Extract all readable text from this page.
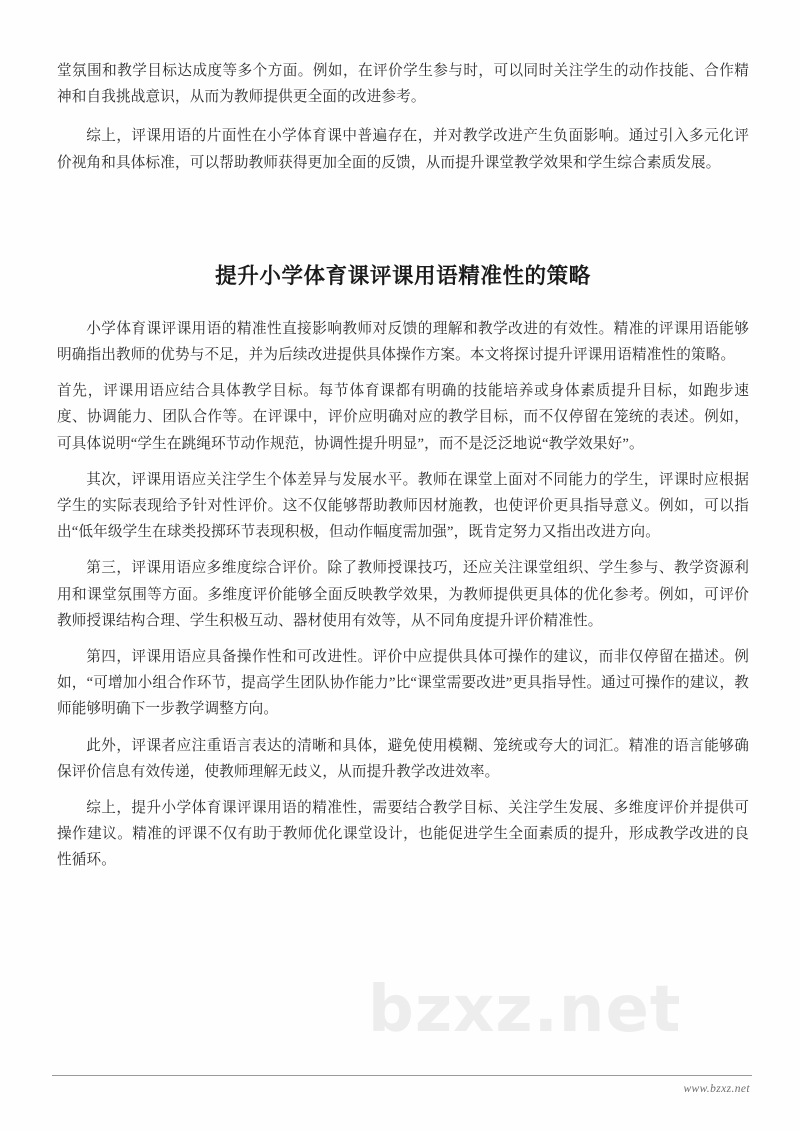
bzxz.net

堂氛围和教学目标达成度等多个方面。例如，在评价学生参与时，可以同时关注学生的动作技能、合作精神和自我挑战意识，从而为教师提供更全面的改进参考。

综上，评课用语的片面性在小学体育课中普遍存在，并对教学改进产生负面影响。通过引入多元化评价视角和具体标准，可以帮助教师获得更加全面的反馈，从而提升课堂教学效果和学生综合素质发展。

提升小学体育课评课用语精准性的策略

小学体育课评课用语的精准性直接影响教师对反馈的理解和教学改进的有效性。精准的评课用语能够明确指出教师的优势与不足，并为后续改进提供具体操作方案。本文将探讨提升评课用语精准性的策略。

首先，评课用语应结合具体教学目标。每节体育课都有明确的技能培养或身体素质提升目标，如跑步速度、协调能力、团队合作等。在评课中，评价应明确对应的教学目标，而不仅停留在笼统的表述。例如，可具体说明“学生在跳绳环节动作规范，协调性提升明显”，而不是泛泛地说“教学效果好”。

其次，评课用语应关注学生个体差异与发展水平。教师在课堂上面对不同能力的学生，评课时应根据学生的实际表现给予针对性评价。这不仅能够帮助教师因材施教，也使评价更具指导意义。例如，可以指出“低年级学生在球类投掷环节表现积极，但动作幅度需加强”，既肯定努力又指出改进方向。

第三，评课用语应多维度综合评价。除了教师授课技巧，还应关注课堂组织、学生参与、教学资源利用和课堂氛围等方面。多维度评价能够全面反映教学效果，为教师提供更具体的优化参考。例如，可评价教师授课结构合理、学生积极互动、器材使用有效等，从不同角度提升评价精准性。

第四，评课用语应具备操作性和可改进性。评价中应提供具体可操作的建议，而非仅停留在描述。例如，“可增加小组合作环节，提高学生团队协作能力”比“课堂需要改进”更具指导性。通过可操作的建议，教师能够明确下一步教学调整方向。

此外，评课者应注重语言表达的清晰和具体，避免使用模糊、笼统或夸大的词汇。精准的语言能够确保评价信息有效传递，使教师理解无歧义，从而提升教学改进效率。

综上，提升小学体育课评课用语的精准性，需要结合教学目标、关注学生发展、多维度评价并提供可操作建议。精准的评课不仅有助于教师优化课堂设计，也能促进学生全面素质的提升，形成教学改进的良性循环。

www.bzxz.net
